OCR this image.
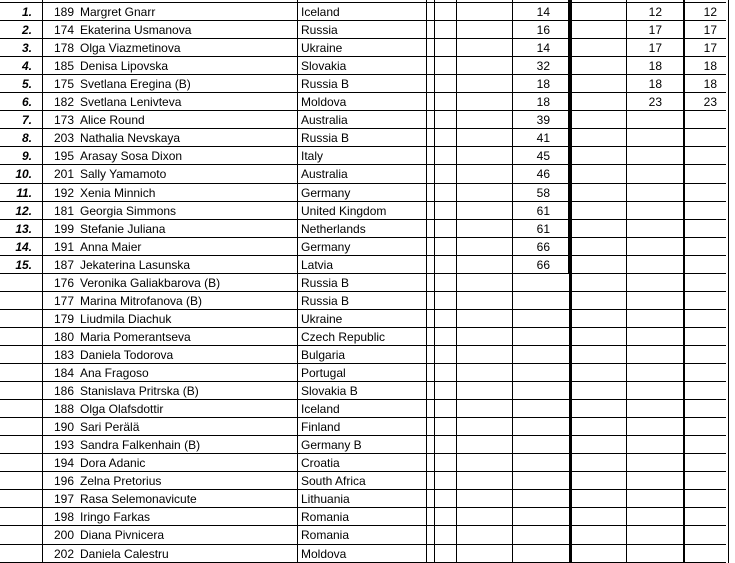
1.	189 Margret Gnarr	Iceland	14	12	12
2.	174 Ekaterina Usmanova	Russia	16	17	17
3.	178 Olga Viazmetinova	Ukraine	14	17	17
4.	185 Denisa Lipovska	Slovakia	32	18	18
5.	175 Svetlana Eregina (B)	Russia B	18	18	18
6.	182 Svetlana Lenivteva	Moldova	18	23	23
7.	173 Alice Round	Australia	39
8.	203 Nathalia Nevskaya	Russia B	41
9.	195 Arasay Sosa Dixon	Italy	45
10.	201 Sally Yamamoto	Australia	46
11.	192 Xenia Minnich	Germany	58
12.	181 Georgia Simmons	United Kingdom	61
13.	199 Stefanie Juliana	Netherlands	61
14.	191 Anna Maier	Germany	66
15.	187 Jekaterina Lasunska	Latvia	66
176 Veronika Galiakbarova (B)	Russia B
177 Marina Mitrofanova (B)	Russia B
179 Liudmila Diachuk	Ukraine
180 Maria Pomerantseva	Czech Republic
183 Daniela Todorova	Bulgaria
184 Ana Fragoso	Portugal
186 Stanislava Pritrska (B)	Slovakia B
188 Olga Olafsdottir	Iceland
190 Sari Perälä	Finland
193 Sandra Falkenhain (B)	Germany B
194 Dora Adanic	Croatia
196 Zelna Pretorius	South Africa
197 Rasa Selemonavicute	Lithuania
198 Iringo Farkas	Romania
200 Diana Pivnicera	Romania
202 Daniela Calestru	Moldova
